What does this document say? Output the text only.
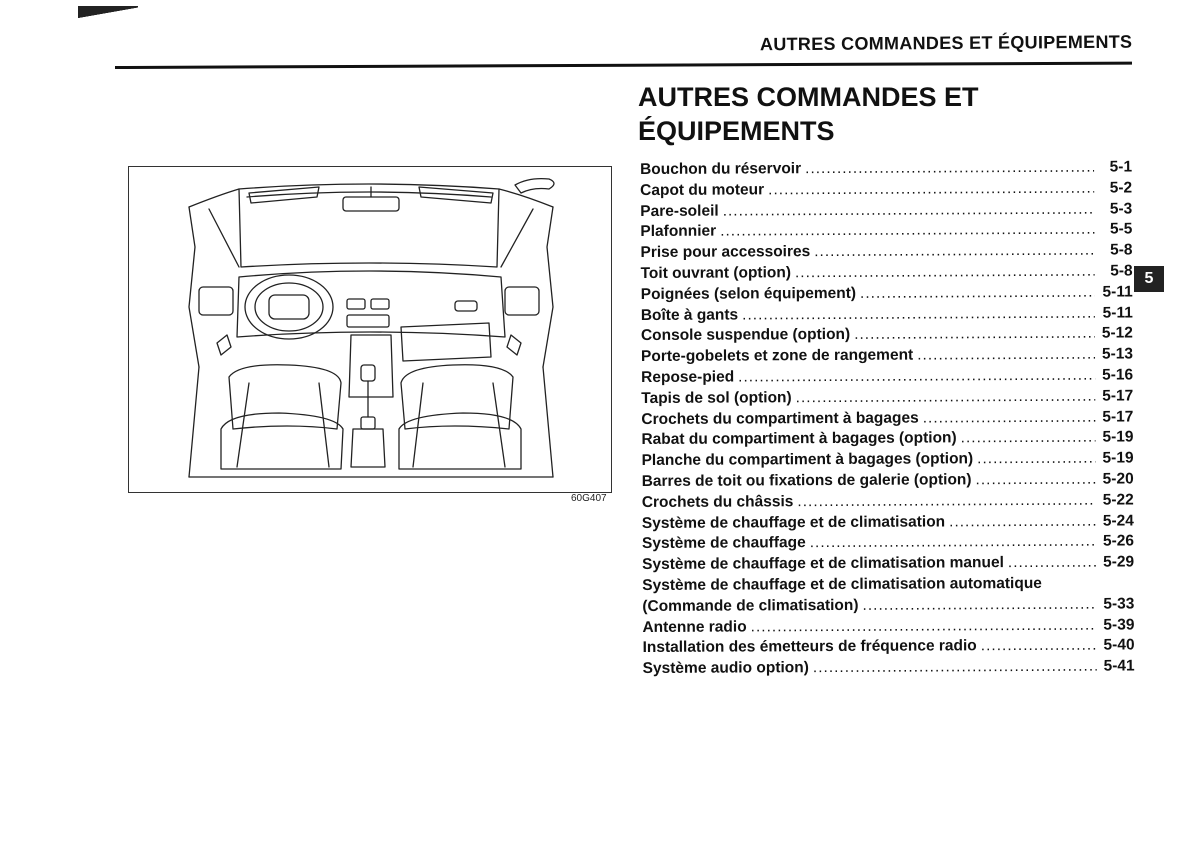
AUTRES COMMANDES ET ÉQUIPEMENTS
AUTRES COMMANDES ET
ÉQUIPEMENTS
60G407
Bouchon du réservoir .....	5-1
Capot du moteur .....	5-2
Pare-soleil .....	5-3
Plafonnier .....	5-5
Prise pour accessoires .....	5-8
Toit ouvrant (option) .....	5-8
Poignées (selon équipement) .....	5-11
Boîte à gants .....	5-11
Console suspendue (option) .....	5-12
Porte-gobelets et zone de rangement .....	5-13
Repose-pied .....	5-16
Tapis de sol (option) .....	5-17
Crochets du compartiment à bagages .....	5-17
Rabat du compartiment à bagages (option) .....	5-19
Planche du compartiment à bagages (option) .....	5-19
Barres de toit ou fixations de galerie (option) .....	5-20
Crochets du châssis .....	5-22
Système de chauffage et de climatisation .....	5-24
Système de chauffage .....	5-26
Système de chauffage et de climatisation manuel .....	5-29
Système de chauffage et de climatisation automatique
(Commande de climatisation) .....	5-33
Antenne radio .....	5-39
Installation des émetteurs de fréquence radio .....	5-40
Système audio option) .....	5-41
5
